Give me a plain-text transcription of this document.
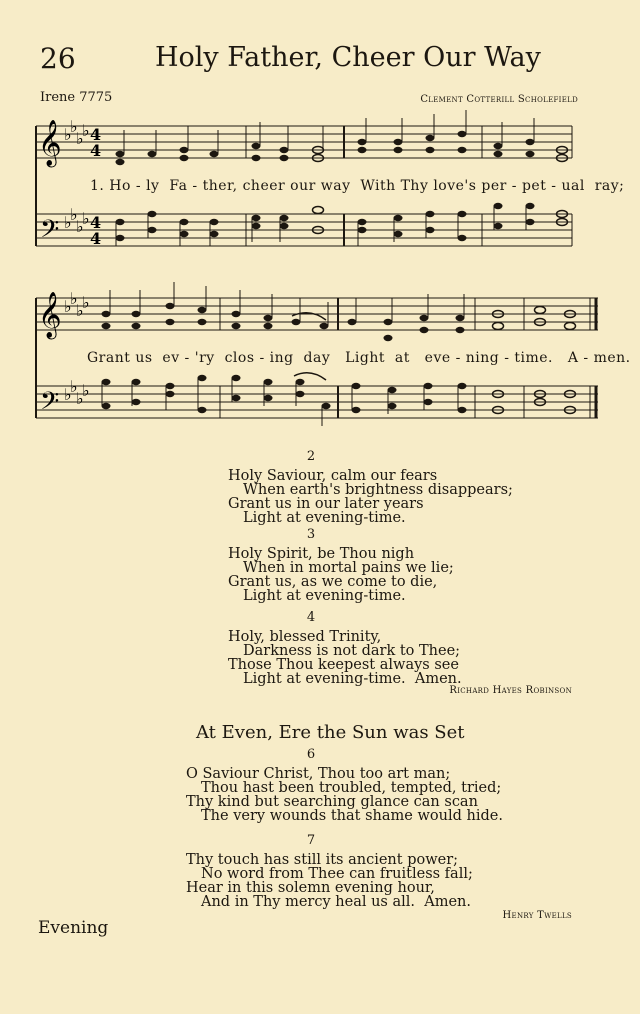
26	Holy Father, Cheer Our Way
Irene 7775	Clement Cotterill Scholefield
𝄞
𝄢
♭
♭
♭
♭
♭
♭
♭
♭
4
4
4
4
1. Ho - ly  Fa - ther, cheer our way  With Thy love's per - pet - ual  ray;
𝄞
𝄢
♭
♭
♭
♭
♭
♭
♭
♭
Grant us  ev - 'ry  clos - ing  day   Light  at   eve - ning - time.   A - men.
2
Holy Saviour, calm our fears
When earth's brightness disappears;
Grant us in our later years
Light at evening-time.
3
Holy Spirit, be Thou nigh
When in mortal pains we lie;
Grant us, as we come to die,
Light at evening-time.
4
Holy, blessed Trinity,
Darkness is not dark to Thee;
Those Thou keepest always see
Light at evening-time.  Amen.
Richard Hayes Robinson
At Even, Ere the Sun was Set
6
O Saviour Christ, Thou too art man;
Thou hast been troubled, tempted, tried;
Thy kind but searching glance can scan
The very wounds that shame would hide.
7
Thy touch has still its ancient power;
No word from Thee can fruitless fall;
Hear in this solemn evening hour,
And in Thy mercy heal us all.  Amen.
Henry Twells
Evening
